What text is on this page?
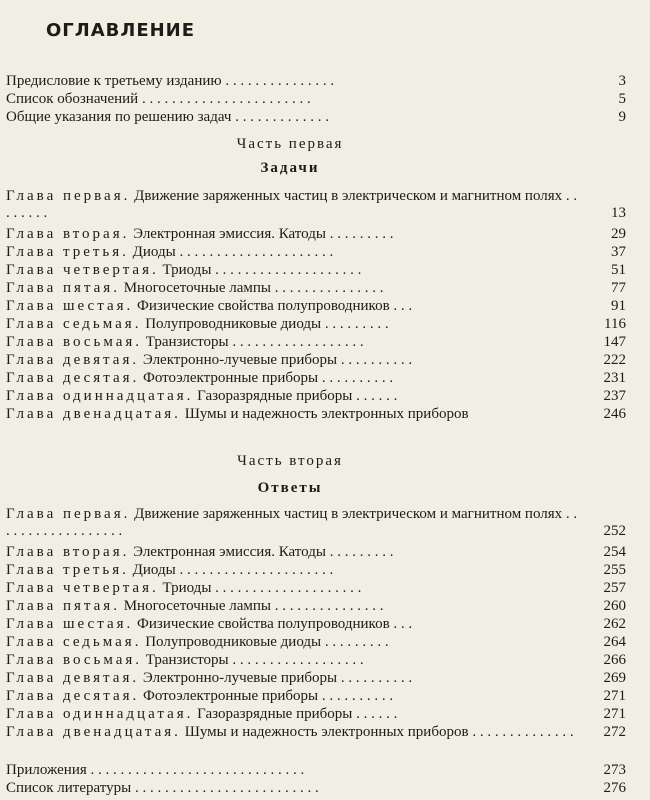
ОГЛАВЛЕНИЕ
Предисловие к третьему изданию . . . . . . . . . . . . . . .	3
Список обозначений . . . . . . . . . . . . . . . . . . . . . . .	5
Общие указания по решению задач . . . . . . . . . . . . .	9
Часть первая
Задачи
Глава первая. Движение заряженных частиц в электрическом и магнитном полях . . . . . . . .	13
Глава вторая. Электронная эмиссия. Катоды . . . . . . . . .	29
Глава третья. Диоды . . . . . . . . . . . . . . . . . . . . .	37
Глава четвертая. Триоды . . . . . . . . . . . . . . . . . . . .	51
Глава пятая. Многосеточные лампы . . . . . . . . . . . . . . .	77
Глава шестая. Физические свойства полупроводников . . .	91
Глава седьмая. Полупроводниковые диоды . . . . . . . . .	116
Глава восьмая. Транзисторы . . . . . . . . . . . . . . . . . .	147
Глава девятая. Электронно-лучевые приборы . . . . . . . . . .	222
Глава десятая. Фотоэлектронные приборы . . . . . . . . . .	231
Глава одиннадцатая. Газоразрядные приборы . . . . . .	237
Глава двенадцатая. Шумы и надежность электронных приборов	246
Часть вторая
Ответы
Глава первая. Движение заряженных частиц в электрическом и магнитном полях . . . . . . . . . . . . . . . . . .	252
Глава вторая. Электронная эмиссия. Катоды . . . . . . . . .	254
Глава третья. Диоды . . . . . . . . . . . . . . . . . . . . .	255
Глава четвертая. Триоды . . . . . . . . . . . . . . . . . . . .	257
Глава пятая. Многосеточные лампы . . . . . . . . . . . . . . .	260
Глава шестая. Физические свойства полупроводников . . .	262
Глава седьмая. Полупроводниковые диоды . . . . . . . . .	264
Глава восьмая. Транзисторы . . . . . . . . . . . . . . . . . .	266
Глава девятая. Электронно-лучевые приборы . . . . . . . . . .	269
Глава десятая. Фотоэлектронные приборы . . . . . . . . . .	271
Глава одиннадцатая. Газоразрядные приборы . . . . . .	271
Глава двенадцатая. Шумы и надежность электронных приборов . . . . . . . . . . . . . .	272
Приложения . . . . . . . . . . . . . . . . . . . . . . . . . . . . .	273
Список литературы . . . . . . . . . . . . . . . . . . . . . . . . .	276
